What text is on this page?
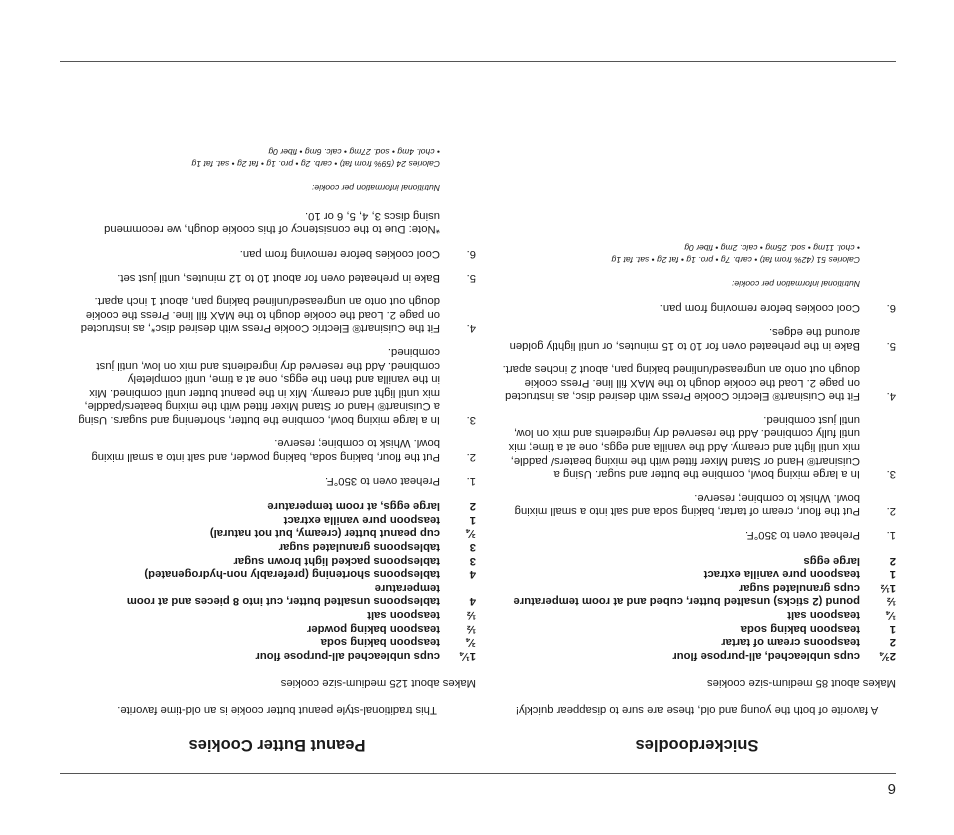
6
Snickerdoodles
A favorite of both the young and old, these are sure to disappear quickly!
Makes about 85 medium-size cookies
2¾
cups unbleached, all-purpose flour
2
teaspoons cream of tartar
1
teaspoon baking soda
¼
teaspoon salt
½
pound (2 sticks) unsalted butter, cubed and at room temperature
1½
cups granulated sugar
1
teaspoon pure vanilla extract
2
large eggs
1.
Preheat oven to 350°F.
2.
Put the flour, cream of tartar, baking soda and salt into a small mixing bowl. Whisk to combine; reserve.
3.
In a large mixing bowl, combine the butter and sugar. Using a Cuisinart® Hand or Stand Mixer fitted with the mixing beaters/ paddle, mix until light and creamy. Add the vanilla and eggs, one at a time; mix until fully combined. Add the reserved dry ingredients and mix on low, until just combined.
4.
Fit the Cuisinart® Electric Cookie Press with desired disc, as instructed on page 2. Load the cookie dough to the MAX fill line. Press cookie dough out onto an ungreased/unlined baking pan, about 2 inches apart.
5.
Bake in the preheated oven for 10 to 15 minutes, or until lightly golden around the edges.
6.
Cool cookies before removing from pan.
Nutritional information per cookie:
Calories 51 (42% from fat) • carb. 7g • pro. 1g • fat 2g • sat. fat 1g
• chol. 11mg • sod. 25mg • calc. 2mg • fiber 0g
Peanut Butter Cookies
This traditional-style peanut butter cookie is an old-time favorite.
Makes about 125 medium-size cookies
1¼
cups unbleached all-purpose flour
¾
teaspoon baking soda
½
teaspoon baking powder
½
teaspoon salt
4
tablespoons unsalted butter, cut into 8 pieces and at room temperature
4
tablespoons shortening (preferably non-hydrogenated)
3
tablespoons packed light brown sugar
3
tablespoons granulated sugar
¾
cup peanut butter (creamy, but not natural)
1
teaspoon pure vanilla extract
2
large eggs, at room temperature
1.
Preheat oven to 350°F.
2.
Put the flour, baking soda, baking powder, and salt into a small mixing bowl. Whisk to combine; reserve.
3.
In a large mixing bowl, combine the butter, shortening and sugars. Using a Cuisinart® Hand or Stand Mixer fitted with the mixing beaters/paddle, mix until light and creamy. Mix in the peanut butter until combined. Mix in the vanilla and then the eggs, one at a time, until completely combined. Add the reserved dry ingredients and mix on low, until just combined.
4.
Fit the Cuisinart® Electric Cookie Press with desired disc*, as instructed on page 2. Load the cookie dough to the MAX fill line. Press the cookie dough out onto an ungreased/unlined baking pan, about 1 inch apart.
5.
Bake in preheated oven for about 10 to 12 minutes, until just set.
6.
Cool cookies before removing from pan.
*Note: Due to the consistency of this cookie dough, we recommend using discs 3, 4, 5, 6 or 10.
Nutritional information per cookie:
Calories 24 (59% from fat) • carb. 2g • pro. 1g • fat 2g • sat. fat 1g
• chol. 4mg • sod. 27mg • calc. 6mg • fiber 0g
